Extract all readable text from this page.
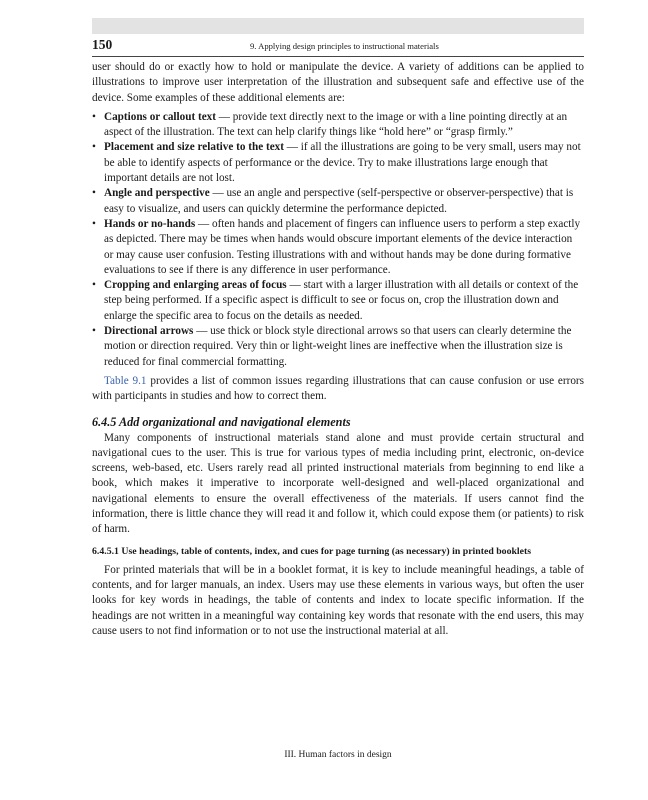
150	9. Applying design principles to instructional materials

user should do or exactly how to hold or manipulate the device. A variety of additions can be applied to illustrations to improve user interpretation of the illustration and subsequent safe and effective use of the device. Some examples of these additional elements are:

• Captions or callout text — provide text directly next to the image or with a line pointing directly at an aspect of the illustration. The text can help clarify things like “hold here” or “grasp firmly.”
• Placement and size relative to the text — if all the illustrations are going to be very small, users may not be able to identify aspects of performance or the device. Try to make illustrations large enough that important details are not lost.
• Angle and perspective — use an angle and perspective (self-perspective or observer-perspective) that is easy to visualize, and users can quickly determine the performance depicted.
• Hands or no-hands — often hands and placement of fingers can influence users to perform a step exactly as depicted. There may be times when hands would obscure important elements of the device interaction or may cause user confusion. Testing illustrations with and without hands may be done during formative evaluations to see if there is any difference in user performance.
• Cropping and enlarging areas of focus — start with a larger illustration with all details or context of the step being performed. If a specific aspect is difficult to see or focus on, crop the illustration down and enlarge the specific area to focus on the details as needed.
• Directional arrows — use thick or block style directional arrows so that users can clearly determine the motion or direction required. Very thin or light-weight lines are ineffective when the illustration size is reduced for final commercial formatting.

Table 9.1 provides a list of common issues regarding illustrations that can cause confusion or use errors with participants in studies and how to correct them.

6.4.5 Add organizational and navigational elements

Many components of instructional materials stand alone and must provide certain structural and navigational cues to the user. This is true for various types of media including print, electronic, on-device screens, web-based, etc. Users rarely read all printed instructional materials from beginning to end like a book, which makes it imperative to incorporate well-designed and well-placed organizational and navigational elements to ensure the overall effectiveness of the materials. If users cannot find the information, there is little chance they will read it and follow it, which could expose them (or patients) to risk of harm.

6.4.5.1 Use headings, table of contents, index, and cues for page turning (as necessary) in printed booklets

For printed materials that will be in a booklet format, it is key to include meaningful headings, a table of contents, and for larger manuals, an index. Users may use these elements in various ways, but often the user looks for key words in headings, the table of contents and index to locate specific information. If the headings are not written in a meaningful way containing key words that resonate with the end users, this may cause users to not find information or to not use the instructional material at all.

III. Human factors in design
